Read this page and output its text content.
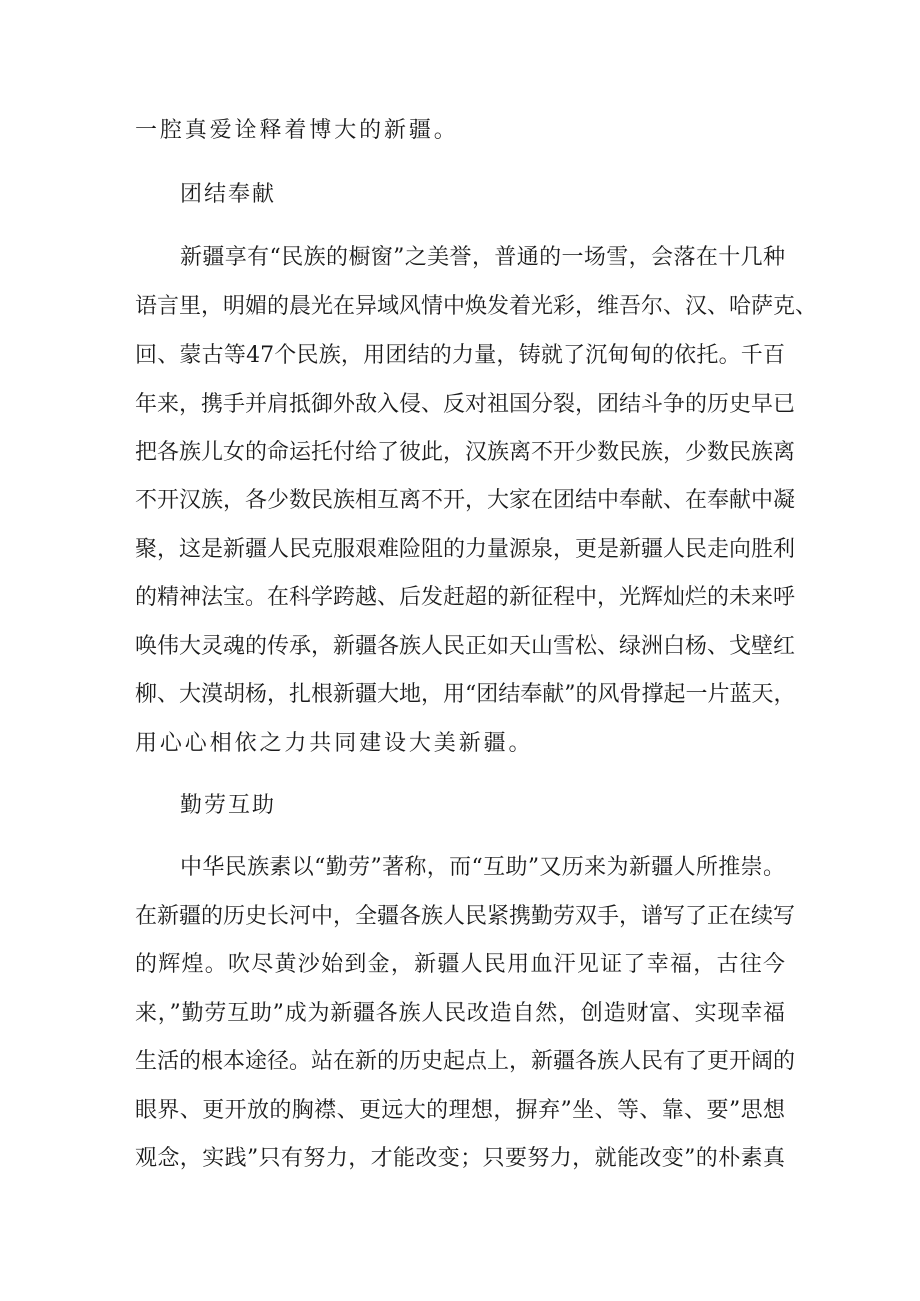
一腔真爱诠释着博大的新疆。
团结奉献
新疆享有“民族的橱窗”之美誉，普通的一场雪，会落在十几种
语言里，明媚的晨光在异域风情中焕发着光彩，维吾尔、汉、哈萨克、
回、蒙古等47个民族，用团结的力量，铸就了沉甸甸的依托。千百
年来，携手并肩抵御外敌入侵、反对祖国分裂，团结斗争的历史早已
把各族儿女的命运托付给了彼此，汉族离不开少数民族，少数民族离
不开汉族，各少数民族相互离不开，大家在团结中奉献、在奉献中凝
聚，这是新疆人民克服艰难险阻的力量源泉，更是新疆人民走向胜利
的精神法宝。在科学跨越、后发赶超的新征程中，光辉灿烂的未来呼
唤伟大灵魂的传承，新疆各族人民正如天山雪松、绿洲白杨、戈壁红
柳、大漠胡杨，扎根新疆大地，用“团结奉献”的风骨撑起一片蓝天，
用心心相依之力共同建设大美新疆。
勤劳互助
中华民族素以“勤劳”著称，而“互助”又历来为新疆人所推崇。
在新疆的历史长河中，全疆各族人民紧携勤劳双手，谱写了正在续写
的辉煌。吹尽黄沙始到金，新疆人民用血汗见证了幸福，古往今
来，”勤劳互助”成为新疆各族人民改造自然，创造财富、实现幸福
生活的根本途径。站在新的历史起点上，新疆各族人民有了更开阔的
眼界、更开放的胸襟、更远大的理想，摒弃”坐、等、靠、要”思想
观念，实践”只有努力，才能改变；只要努力，就能改变”的朴素真
